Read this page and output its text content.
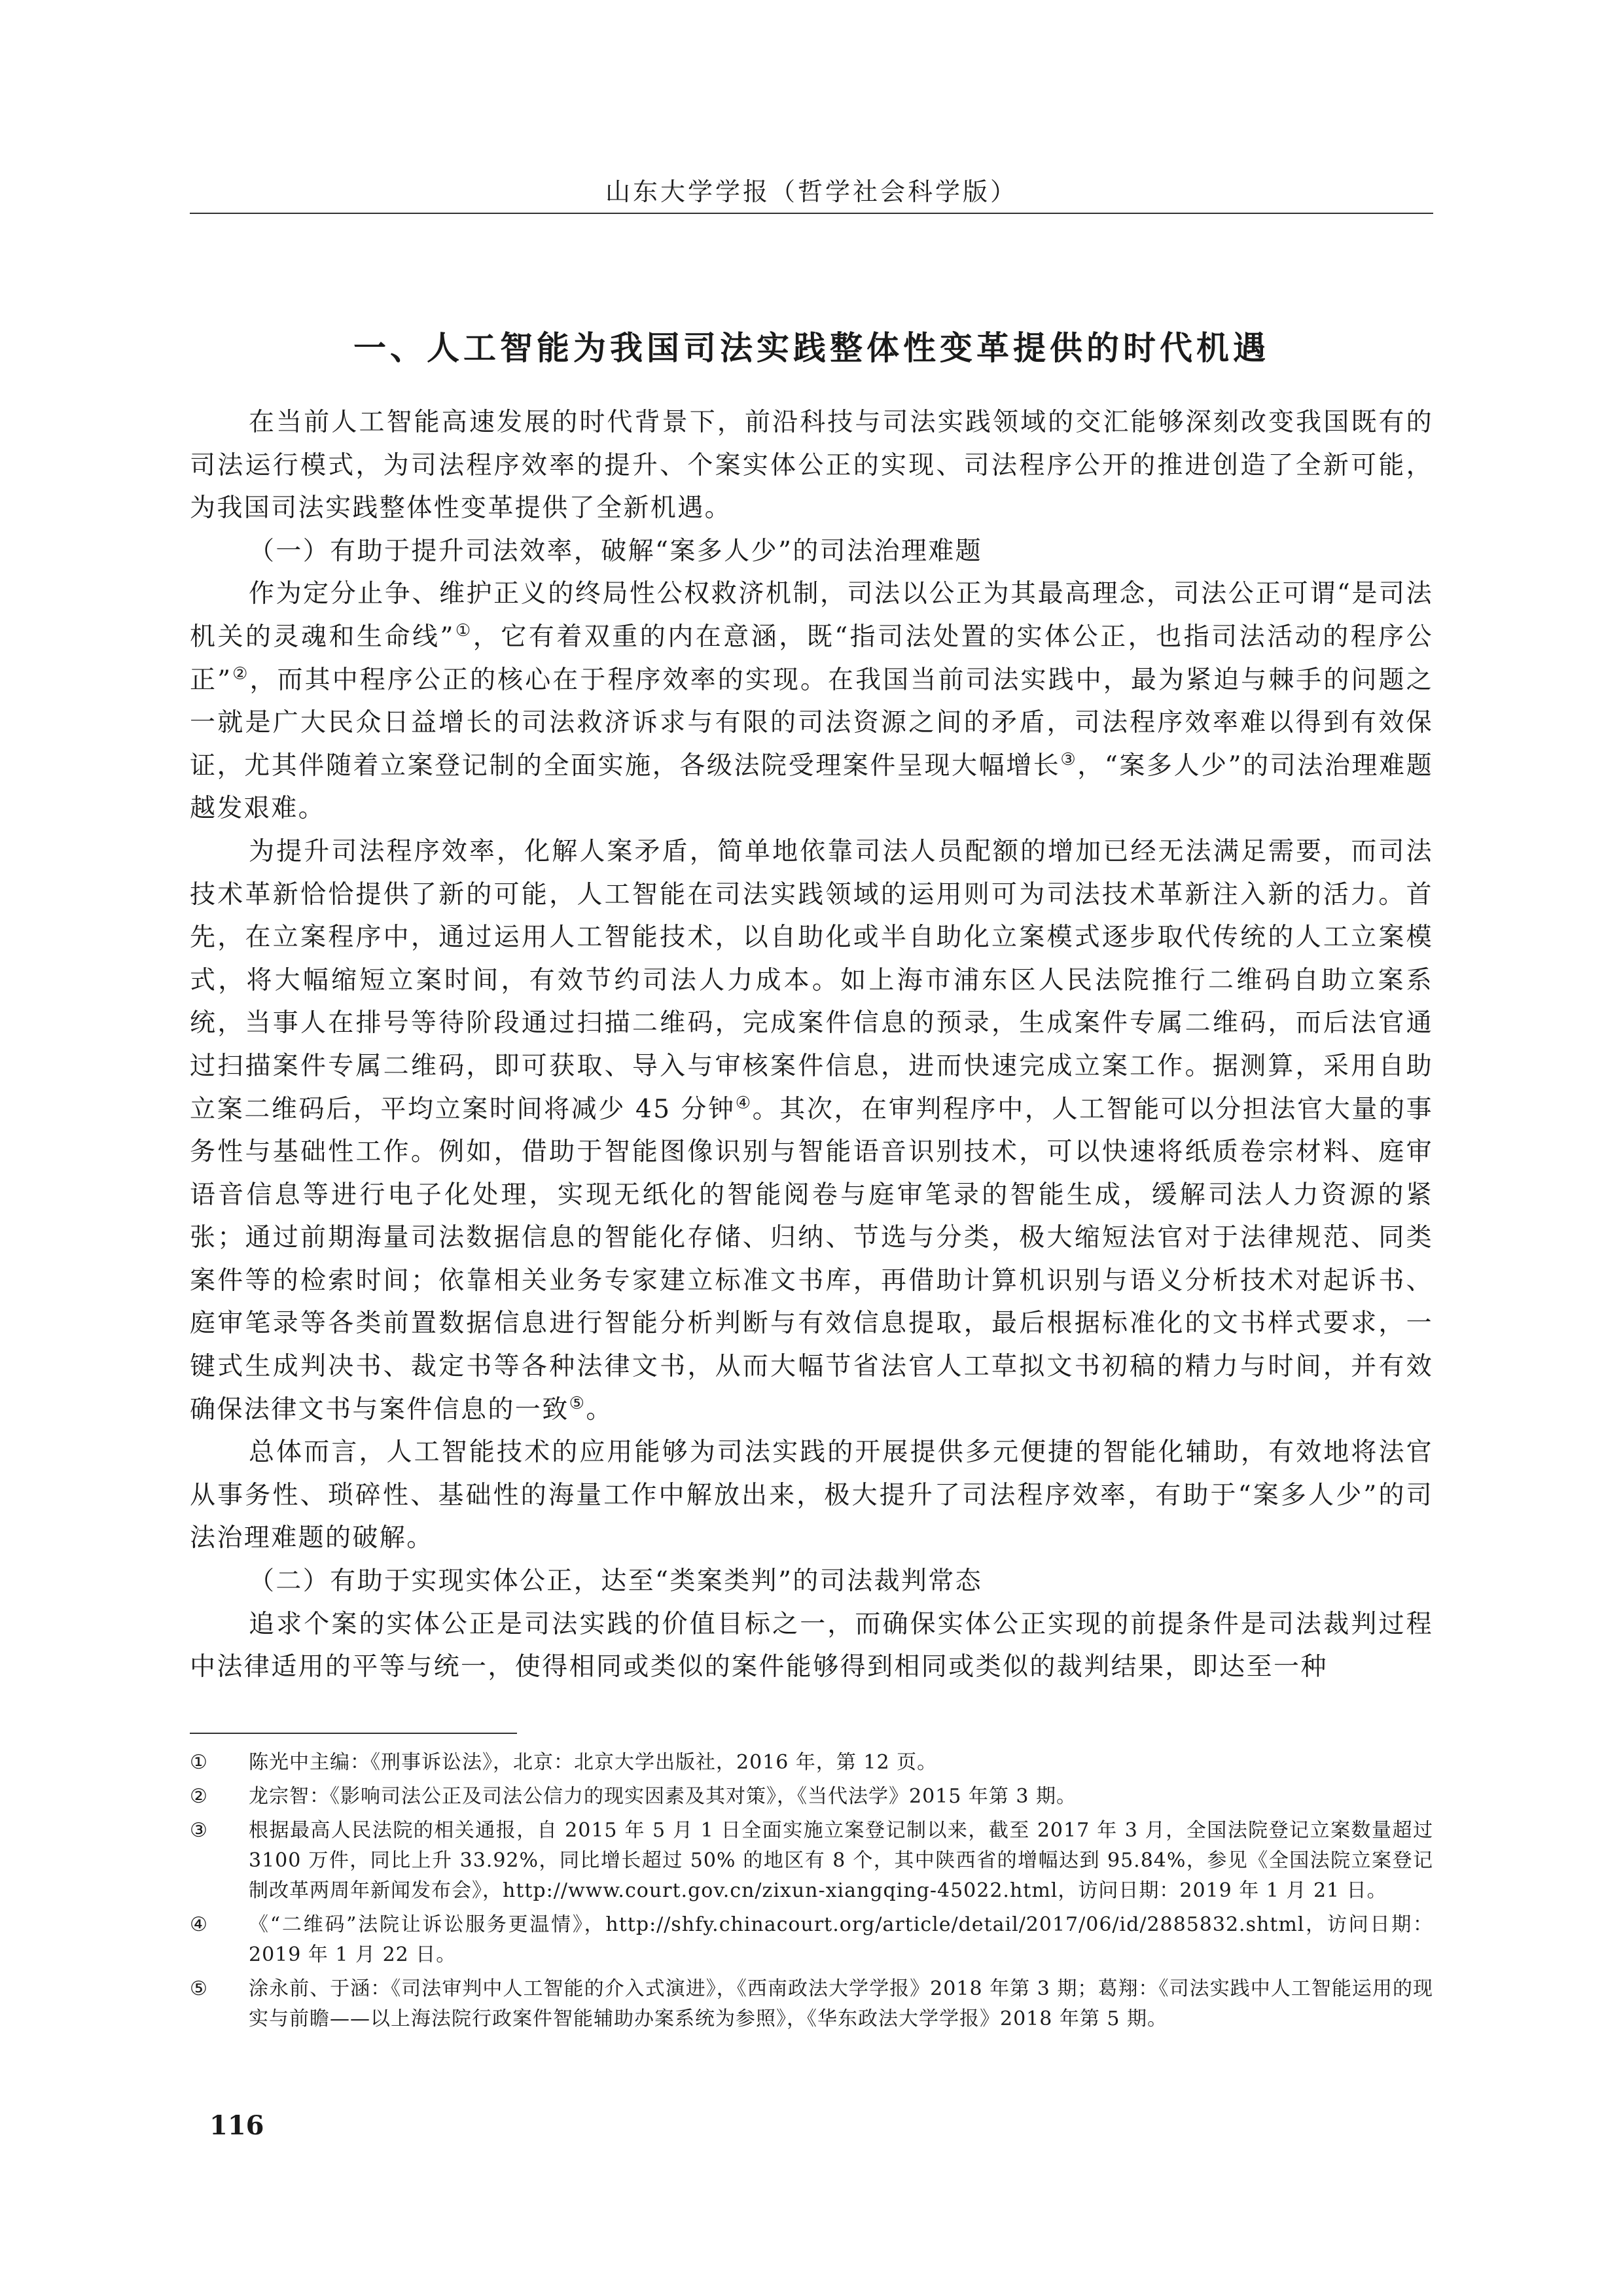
山东大学学报（哲学社会科学版）
一、人工智能为我国司法实践整体性变革提供的时代机遇

在当前人工智能高速发展的时代背景下，前沿科技与司法实践领域的交汇能够深刻改变我国既有的司法运行模式，为司法程序效率的提升、个案实体公正的实现、司法程序公开的推进创造了全新可能，为我国司法实践整体性变革提供了全新机遇。

（一）有助于提升司法效率，破解“案多人少”的司法治理难题

作为定分止争、维护正义的终局性公权救济机制，司法以公正为其最高理念，司法公正可谓“是司法机关的灵魂和生命线”①，它有着双重的内在意涵，既“指司法处置的实体公正，也指司法活动的程序公正”②，而其中程序公正的核心在于程序效率的实现。在我国当前司法实践中，最为紧迫与棘手的问题之一就是广大民众日益增长的司法救济诉求与有限的司法资源之间的矛盾，司法程序效率难以得到有效保证，尤其伴随着立案登记制的全面实施，各级法院受理案件呈现大幅增长③，“案多人少”的司法治理难题越发艰难。

为提升司法程序效率，化解人案矛盾，简单地依靠司法人员配额的增加已经无法满足需要，而司法技术革新恰恰提供了新的可能，人工智能在司法实践领域的运用则可为司法技术革新注入新的活力。首先，在立案程序中，通过运用人工智能技术，以自助化或半自助化立案模式逐步取代传统的人工立案模式，将大幅缩短立案时间，有效节约司法人力成本。如上海市浦东区人民法院推行二维码自助立案系统，当事人在排号等待阶段通过扫描二维码，完成案件信息的预录，生成案件专属二维码，而后法官通过扫描案件专属二维码，即可获取、导入与审核案件信息，进而快速完成立案工作。据测算，采用自助立案二维码后，平均立案时间将减少 45 分钟④。其次，在审判程序中，人工智能可以分担法官大量的事务性与基础性工作。例如，借助于智能图像识别与智能语音识别技术，可以快速将纸质卷宗材料、庭审语音信息等进行电子化处理，实现无纸化的智能阅卷与庭审笔录的智能生成，缓解司法人力资源的紧张；通过前期海量司法数据信息的智能化存储、归纳、节选与分类，极大缩短法官对于法律规范、同类案件等的检索时间；依靠相关业务专家建立标准文书库，再借助计算机识别与语义分析技术对起诉书、庭审笔录等各类前置数据信息进行智能分析判断与有效信息提取，最后根据标准化的文书样式要求，一键式生成判决书、裁定书等各种法律文书，从而大幅节省法官人工草拟文书初稿的精力与时间，并有效确保法律文书与案件信息的一致⑤。

总体而言，人工智能技术的应用能够为司法实践的开展提供多元便捷的智能化辅助，有效地将法官从事务性、琐碎性、基础性的海量工作中解放出来，极大提升了司法程序效率，有助于“案多人少”的司法治理难题的破解。

（二）有助于实现实体公正，达至“类案类判”的司法裁判常态

追求个案的实体公正是司法实践的价值目标之一，而确保实体公正实现的前提条件是司法裁判过程中法律适用的平等与统一，使得相同或类似的案件能够得到相同或类似的裁判结果，即达至一种

① 陈光中主编：《刑事诉讼法》，北京：北京大学出版社，2016 年，第 12 页。
② 龙宗智：《影响司法公正及司法公信力的现实因素及其对策》，《当代法学》2015 年第 3 期。
③ 根据最高人民法院的相关通报，自 2015 年 5 月 1 日全面实施立案登记制以来，截至 2017 年 3 月，全国法院登记立案数量超过 3100 万件，同比上升 33.92%，同比增长超过 50% 的地区有 8 个，其中陕西省的增幅达到 95.84%，参见《全国法院立案登记制改革两周年新闻发布会》，http://www.court.gov.cn/zixun-xiangqing-45022.html，访问日期：2019 年 1 月 21 日。
④ 《“二维码”法院让诉讼服务更温情》，http://shfy.chinacourt.org/article/detail/2017/06/id/2885832.shtml，访问日期：2019 年 1 月 22 日。
⑤ 涂永前、于涵：《司法审判中人工智能的介入式演进》，《西南政法大学学报》2018 年第 3 期；葛翔：《司法实践中人工智能运用的现实与前瞻——以上海法院行政案件智能辅助办案系统为参照》，《华东政法大学学报》2018 年第 5 期。
116
